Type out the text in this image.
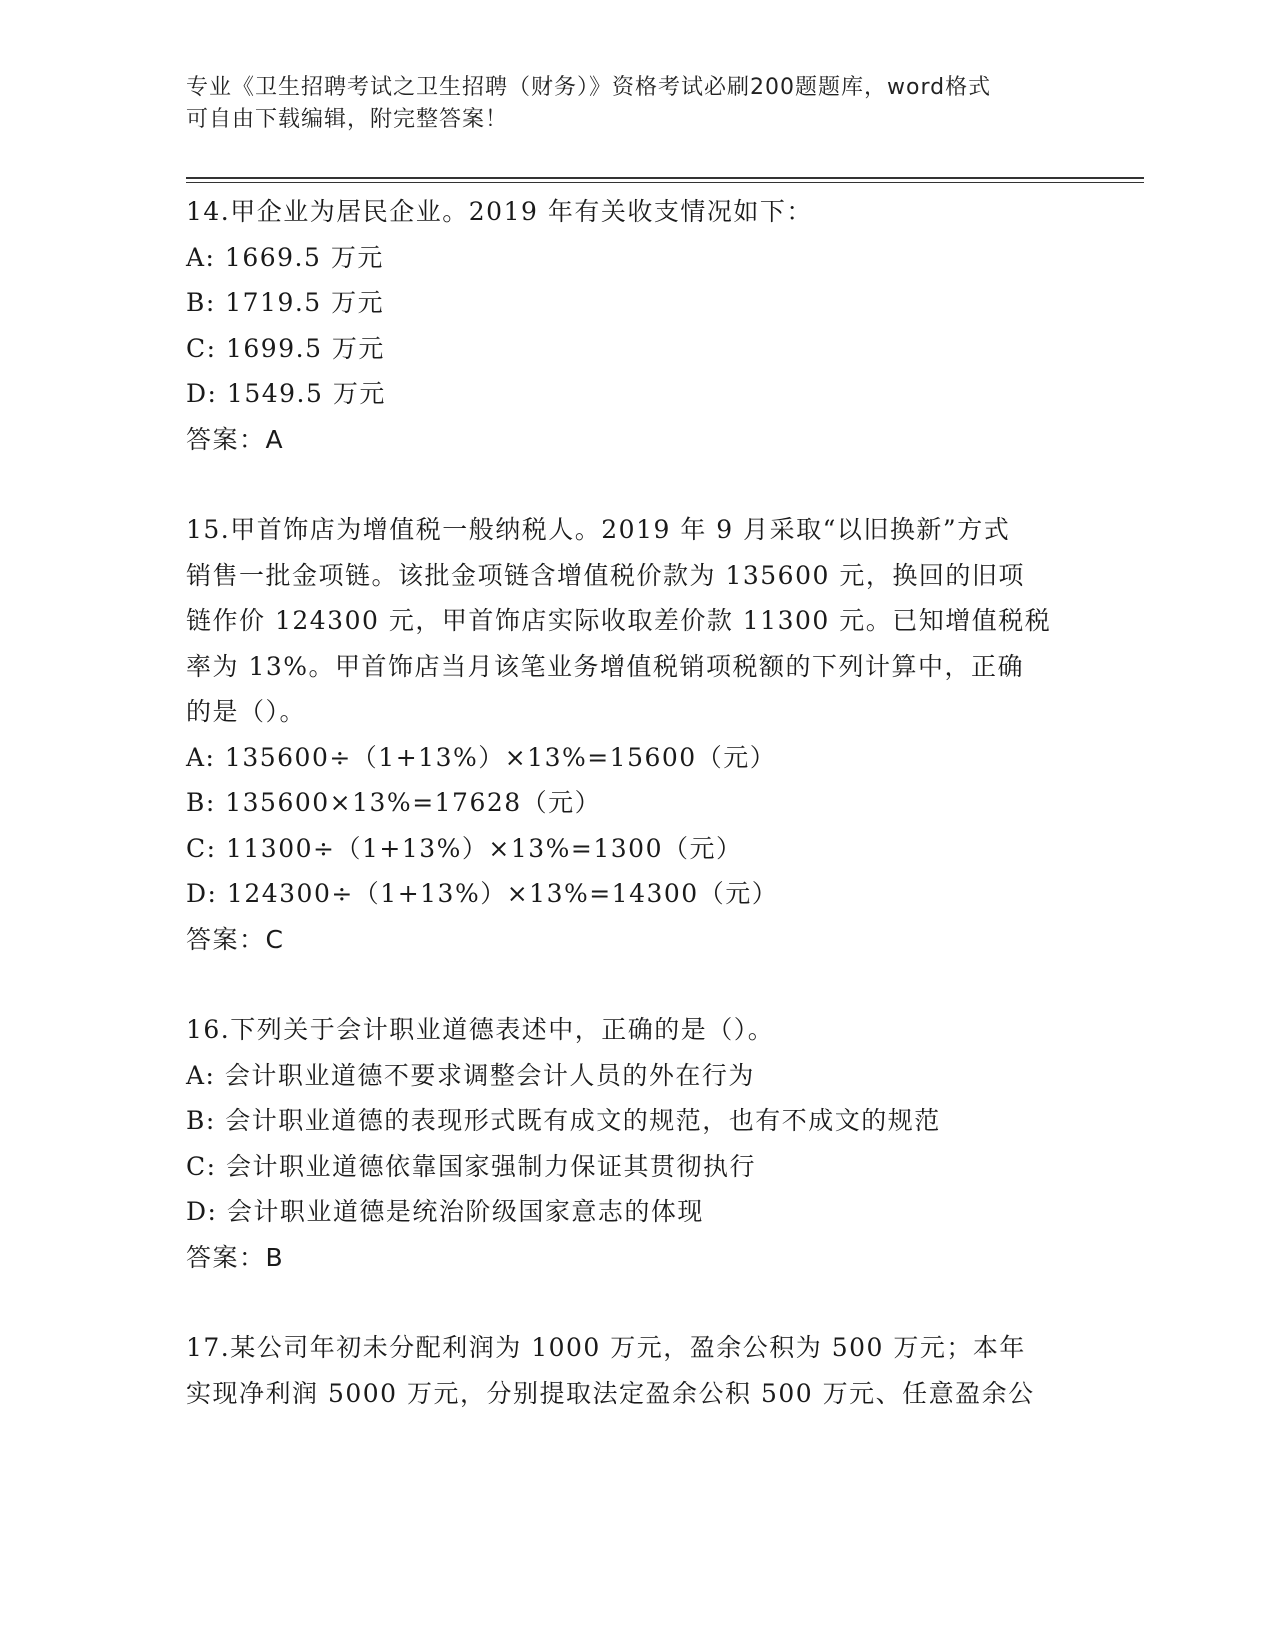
专业《卫生招聘考试之卫生招聘（财务）》资格考试必刷200题题库，word格式
可自由下载编辑，附完整答案！

14.甲企业为居民企业。2019 年有关收支情况如下：

A: 1669.5 万元

B: 1719.5 万元

C: 1699.5 万元

D: 1549.5 万元

答案：A

15.甲首饰店为增值税一般纳税人。2019 年 9 月采取“以旧换新”方式

销售一批金项链。该批金项链含增值税价款为 135600 元，换回的旧项

链作价 124300 元，甲首饰店实际收取差价款 11300 元。已知增值税税

率为 13%。甲首饰店当月该笔业务增值税销项税额的下列计算中，正确

的是（）。

A: 135600÷（1+13%）×13%=15600（元）

B: 135600×13%=17628（元）

C: 11300÷（1+13%）×13%=1300（元）

D: 124300÷（1+13%）×13%=14300（元）

答案：C

16.下列关于会计职业道德表述中，正确的是（）。

A: 会计职业道德不要求调整会计人员的外在行为

B: 会计职业道德的表现形式既有成文的规范，也有不成文的规范

C: 会计职业道德依靠国家强制力保证其贯彻执行

D: 会计职业道德是统治阶级国家意志的体现

答案：B

17.某公司年初未分配利润为 1000 万元，盈余公积为 500 万元；本年

实现净利润 5000 万元，分别提取法定盈余公积 500 万元、任意盈余公
